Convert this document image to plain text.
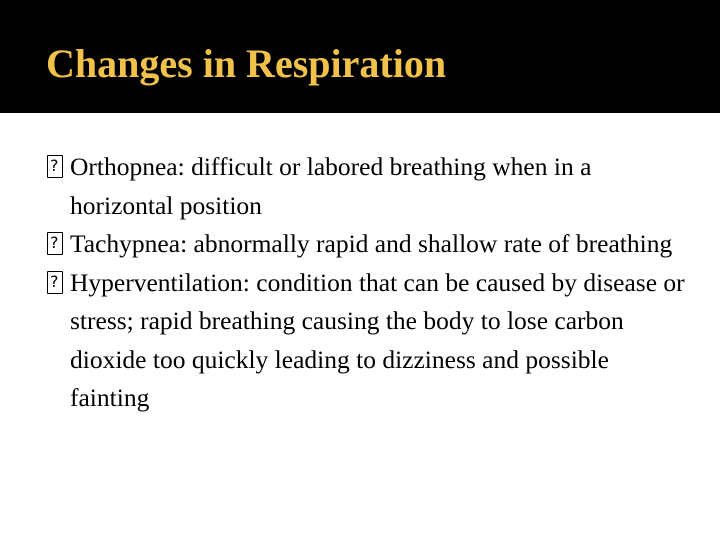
Changes in Respiration
?
Orthopnea: difficult or labored breathing when in a horizontal position
?
Tachypnea: abnormally rapid and shallow rate of breathing
?
Hyperventilation: condition that can be caused by disease or stress; rapid breathing causing the body to lose carbon dioxide too quickly leading to dizziness and possible fainting
